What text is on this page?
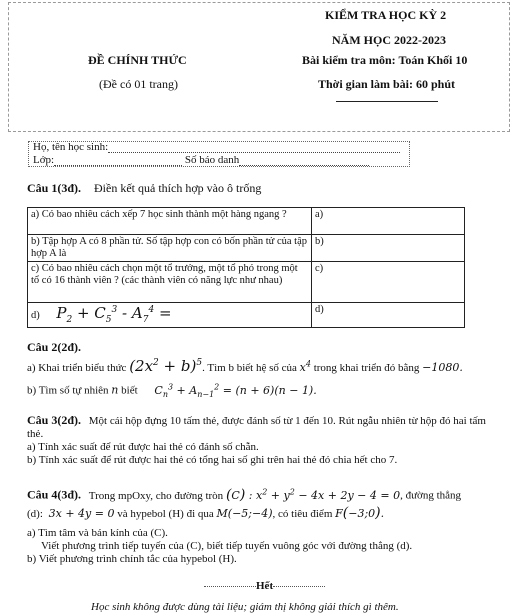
KIỂM TRA HỌC KỲ 2
NĂM HỌC 2022-2023
ĐỀ CHÍNH THỨC
(Đề có 01 trang)
Bài kiểm tra môn: Toán Khối 10
Thời gian làm bài: 60 phút
Họ, tên học sinh:
Lớp:	Số báo danh
Câu 1(3đ). Điền kết quả thích hợp vào ô trống
a) Có bao nhiêu cách xếp 7 học sinh thành một hàng ngang ?	a)
b) Tập hợp A có 8 phần tử. Số tập hợp con có bốn phần tử của tập hợp A là	b)
c) Có bao nhiêu cách chọn một tổ trưởng, một tổ phó trong một tổ có 16 thành viên ? (các thành viên có năng lực như nhau)	c)
d) $P_2 + C_5^3 - A_7^4$ =	d)
Câu 2(2đ).
a) Khai triển biểu thức $(2x^2 + b)^5$. Tìm b biết hệ số của $x^4$ trong khai triển đó bằng −1080.
b) Tìm số tự nhiên n biết $C_n^3 + A_{n-1}^2 = (n + 6)(n - 1)$.
Câu 3(2đ). Một cái hộp đựng 10 tấm thẻ, được đánh số từ 1 đến 10. Rút ngẫu nhiên từ hộp đó hai tấm thẻ.
a) Tính xác suất để rút được hai thẻ có đánh số chẵn.
b) Tính xác suất để rút được hai thẻ có tổng hai số ghi trên hai thẻ đó chia hết cho 7.
Câu 4(3đ). Trong mpOxy, cho đường tròn (C) : $x^2 + y^2 - 4x + 2y - 4 = 0$, đường thẳng
(d): 3x + 4y = 0 và hypebol (H) đi qua M(−5;−4), có tiêu điểm F(−3;0).
a) Tìm tâm và bán kính của (C).
Viết phương trình tiếp tuyến của (C), biết tiếp tuyến vuông góc với đường thẳng (d).
b) Viết phương trình chính tắc của hypebol (H).
Hết
Học sinh không được dùng tài liệu; giám thị không giải thích gì thêm.
